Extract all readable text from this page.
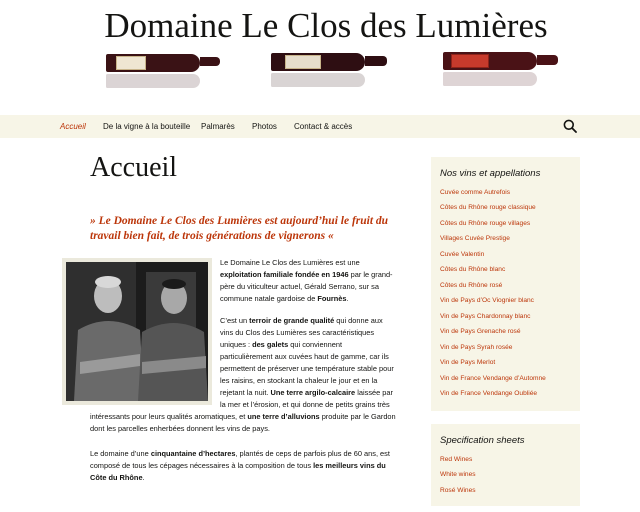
Domaine Le Clos des Lumières
Accueil De la vigne à la bouteille Palmarès Photos Contact & accès
Accueil
» Le Domaine Le Clos des Lumières est aujourd’hui le fruit du travail bien fait, de trois générations de vignerons «
Le Domaine Le Clos des Lumières est une exploitation familiale fondée en 1946 par le grand-père du viticulteur actuel, Gérald Serrano, sur sa commune natale gardoise de Fournès.
C’est un terroir de grande qualité qui donne aux vins du Clos des Lumières ses caractéristiques uniques : des galets qui conviennent particulièrement aux cuvées haut de gamme, car ils permettent de préserver une température stable pour les raisins, en stockant la chaleur le jour et en la rejetant la nuit. Une terre argilo-calcaire laissée par la mer et l’érosion, et qui donne de petits grains très intéressants pour leurs qualités aromatiques, et une terre d’alluvions produite par le Gardon dont les parcelles enherbées donnent les vins de pays.
Le domaine d’une cinquantaine d’hectares, plantés de ceps de parfois plus de 60 ans, est composé de tous les cépages nécessaires à la composition de tous les meilleurs vins du Côte du Rhône.
Nos vins et appellations
Cuvée comme Autrefois
Côtes du Rhône rouge classique
Côtes du Rhône rouge villages
Villages Cuvée Prestige
Cuvée Valentin
Côtes du Rhône blanc
Côtes du Rhône rosé
Vin de Pays d’Oc Viognier blanc
Vin de Pays Chardonnay blanc
Vin de Pays Grenache rosé
Vin de Pays Syrah rosée
Vin de Pays Merlot
Vin de France Vendange d’Automne
Vin de France Vendange Oubliée
Specification sheets
Red Wines
White wines
Rosé Wines
